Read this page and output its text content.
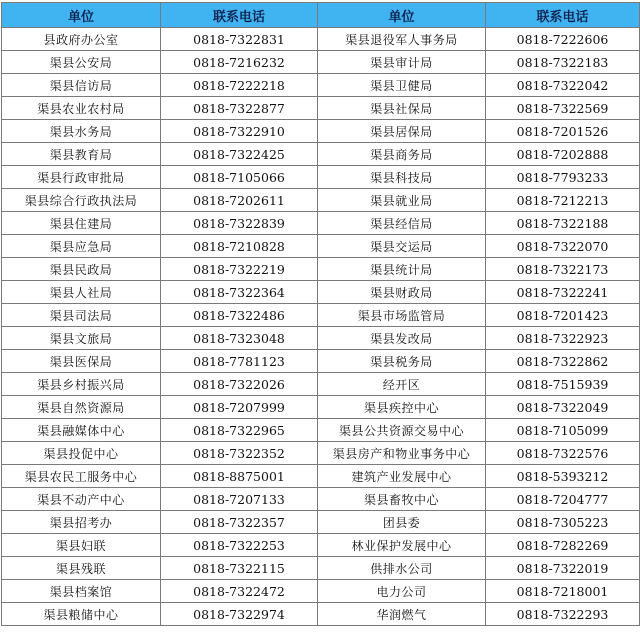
单位	联系电话	单位	联系电话
县政府办公室	0818-7322831	渠县退役军人事务局	0818-7222606
渠县公安局	0818-7216232	渠县审计局	0818-7322183
渠县信访局	0818-7222218	渠县卫健局	0818-7322042
渠县农业农村局	0818-7322877	渠县社保局	0818-7322569
渠县水务局	0818-7322910	渠县居保局	0818-7201526
渠县教育局	0818-7322425	渠县商务局	0818-7202888
渠县行政审批局	0818-7105066	渠县科技局	0818-7793233
渠县综合行政执法局	0818-7202611	渠县就业局	0818-7212213
渠县住建局	0818-7322839	渠县经信局	0818-7322188
渠县应急局	0818-7210828	渠县交运局	0818-7322070
渠县民政局	0818-7322219	渠县统计局	0818-7322173
渠县人社局	0818-7322364	渠县财政局	0818-7322241
渠县司法局	0818-7322486	渠县市场监管局	0818-7201423
渠县文旅局	0818-7323048	渠县发改局	0818-7322923
渠县医保局	0818-7781123	渠县税务局	0818-7322862
渠县乡村振兴局	0818-7322026	经开区	0818-7515939
渠县自然资源局	0818-7207999	渠县疾控中心	0818-7322049
渠县融媒体中心	0818-7322965	渠县公共资源交易中心	0818-7105099
渠县投促中心	0818-7322352	渠县房产和物业事务中心	0818-7322576
渠县农民工服务中心	0818-8875001	建筑产业发展中心	0818-5393212
渠县不动产中心	0818-7207133	渠县畜牧中心	0818-7204777
渠县招考办	0818-7322357	团县委	0818-7305223
渠县妇联	0818-7322253	林业保护发展中心	0818-7282269
渠县残联	0818-7322115	供排水公司	0818-7322019
渠县档案馆	0818-7322472	电力公司	0818-7218001
渠县粮储中心	0818-7322974	华润燃气	0818-7322293
